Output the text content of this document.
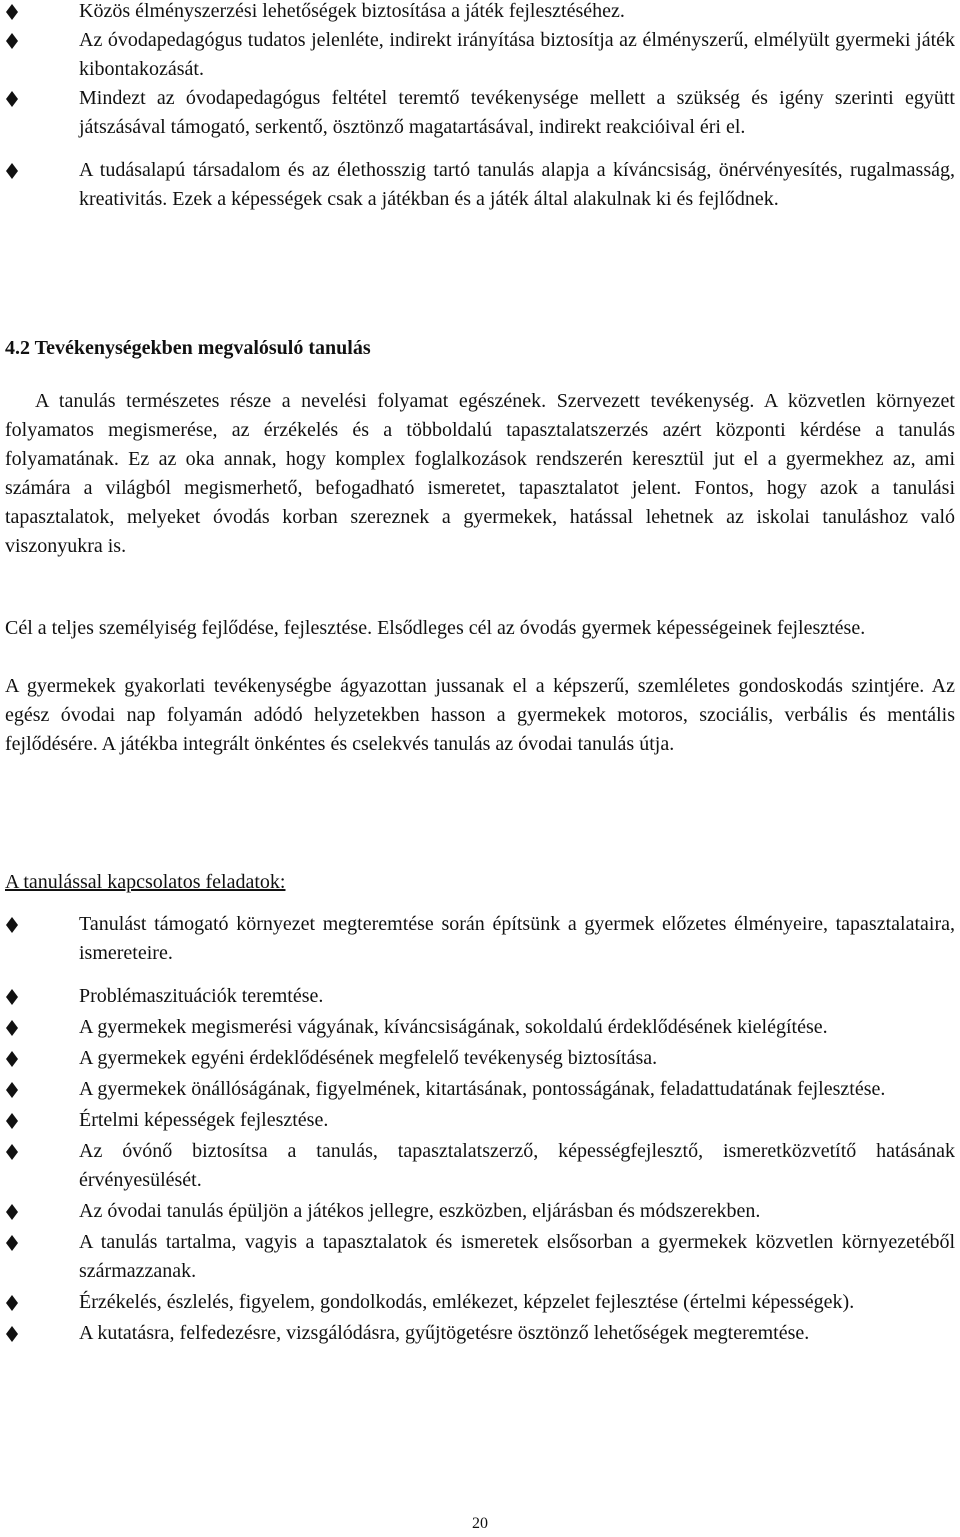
Közös élményszerzési lehetőségek biztosítása a játék fejlesztéséhez.
Az óvodapedagógus tudatos jelenléte, indirekt irányítása biztosítja az élményszerű, elmélyült gyermeki játék kibontakozását.
Mindezt az óvodapedagógus feltétel teremtő tevékenysége mellett a szükség és igény szerinti együtt játszásával támogató, serkentő, ösztönző magatartásával, indirekt reakcióival éri el.
A tudásalapú társadalom és az élethosszig tartó tanulás alapja a kíváncsiság, önérvényesítés, rugalmasság, kreativitás. Ezek a képességek csak a játékban és a játék által alakulnak ki és fejlődnek.
4.2 Tevékenységekben megvalósuló tanulás
A tanulás természetes része a nevelési folyamat egészének. Szervezett tevékenység. A közvetlen környezet folyamatos megismerése, az érzékelés és a többoldalú tapasztalatszerzés azért központi kérdése a tanulás folyamatának. Ez az oka annak, hogy komplex foglalkozások rendszerén keresztül jut el a gyermekhez az, ami számára a világból megismerhető, befogadható ismeretet, tapasztalatot jelent. Fontos, hogy azok a tanulási tapasztalatok, melyeket óvodás korban szereznek a gyermekek, hatással lehetnek az iskolai tanuláshoz való viszonyukra is.
Cél a teljes személyiség fejlődése, fejlesztése. Elsődleges cél az óvodás gyermek képességeinek fejlesztése.
A gyermekek gyakorlati tevékenységbe ágyazottan jussanak el a képszerű, szemléletes gondoskodás szintjére. Az egész óvodai nap folyamán adódó helyzetekben hasson a gyermekek motoros, szociális, verbális és mentális fejlődésére. A játékba integrált önkéntes és cselekvés tanulás az óvodai tanulás útja.
A tanulással kapcsolatos feladatok:
Tanulást támogató környezet megteremtése során építsünk a gyermek előzetes élményeire, tapasztalataira, ismereteire.
Problémaszituációk teremtése.
A gyermekek megismerési vágyának, kíváncsiságának, sokoldalú érdeklődésének kielégítése.
A gyermekek egyéni érdeklődésének megfelelő tevékenység biztosítása.
A gyermekek önállóságának, figyelmének, kitartásának, pontosságának, feladattudatának fejlesztése.
Értelmi képességek fejlesztése.
Az óvónő biztosítsa a tanulás, tapasztalatszerző, képességfejlesztő, ismeretközvetítő hatásának érvényesülését.
Az óvodai tanulás épüljön a játékos jellegre, eszközben, eljárásban és módszerekben.
A tanulás tartalma, vagyis a tapasztalatok és ismeretek elsősorban a gyermekek közvetlen környezetéből származzanak.
Érzékelés, észlelés, figyelem, gondolkodás, emlékezet, képzelet fejlesztése (értelmi képességek).
A kutatásra, felfedezésre, vizsgálódásra, gyűjtögetésre ösztönző lehetőségek megteremtése.
20
